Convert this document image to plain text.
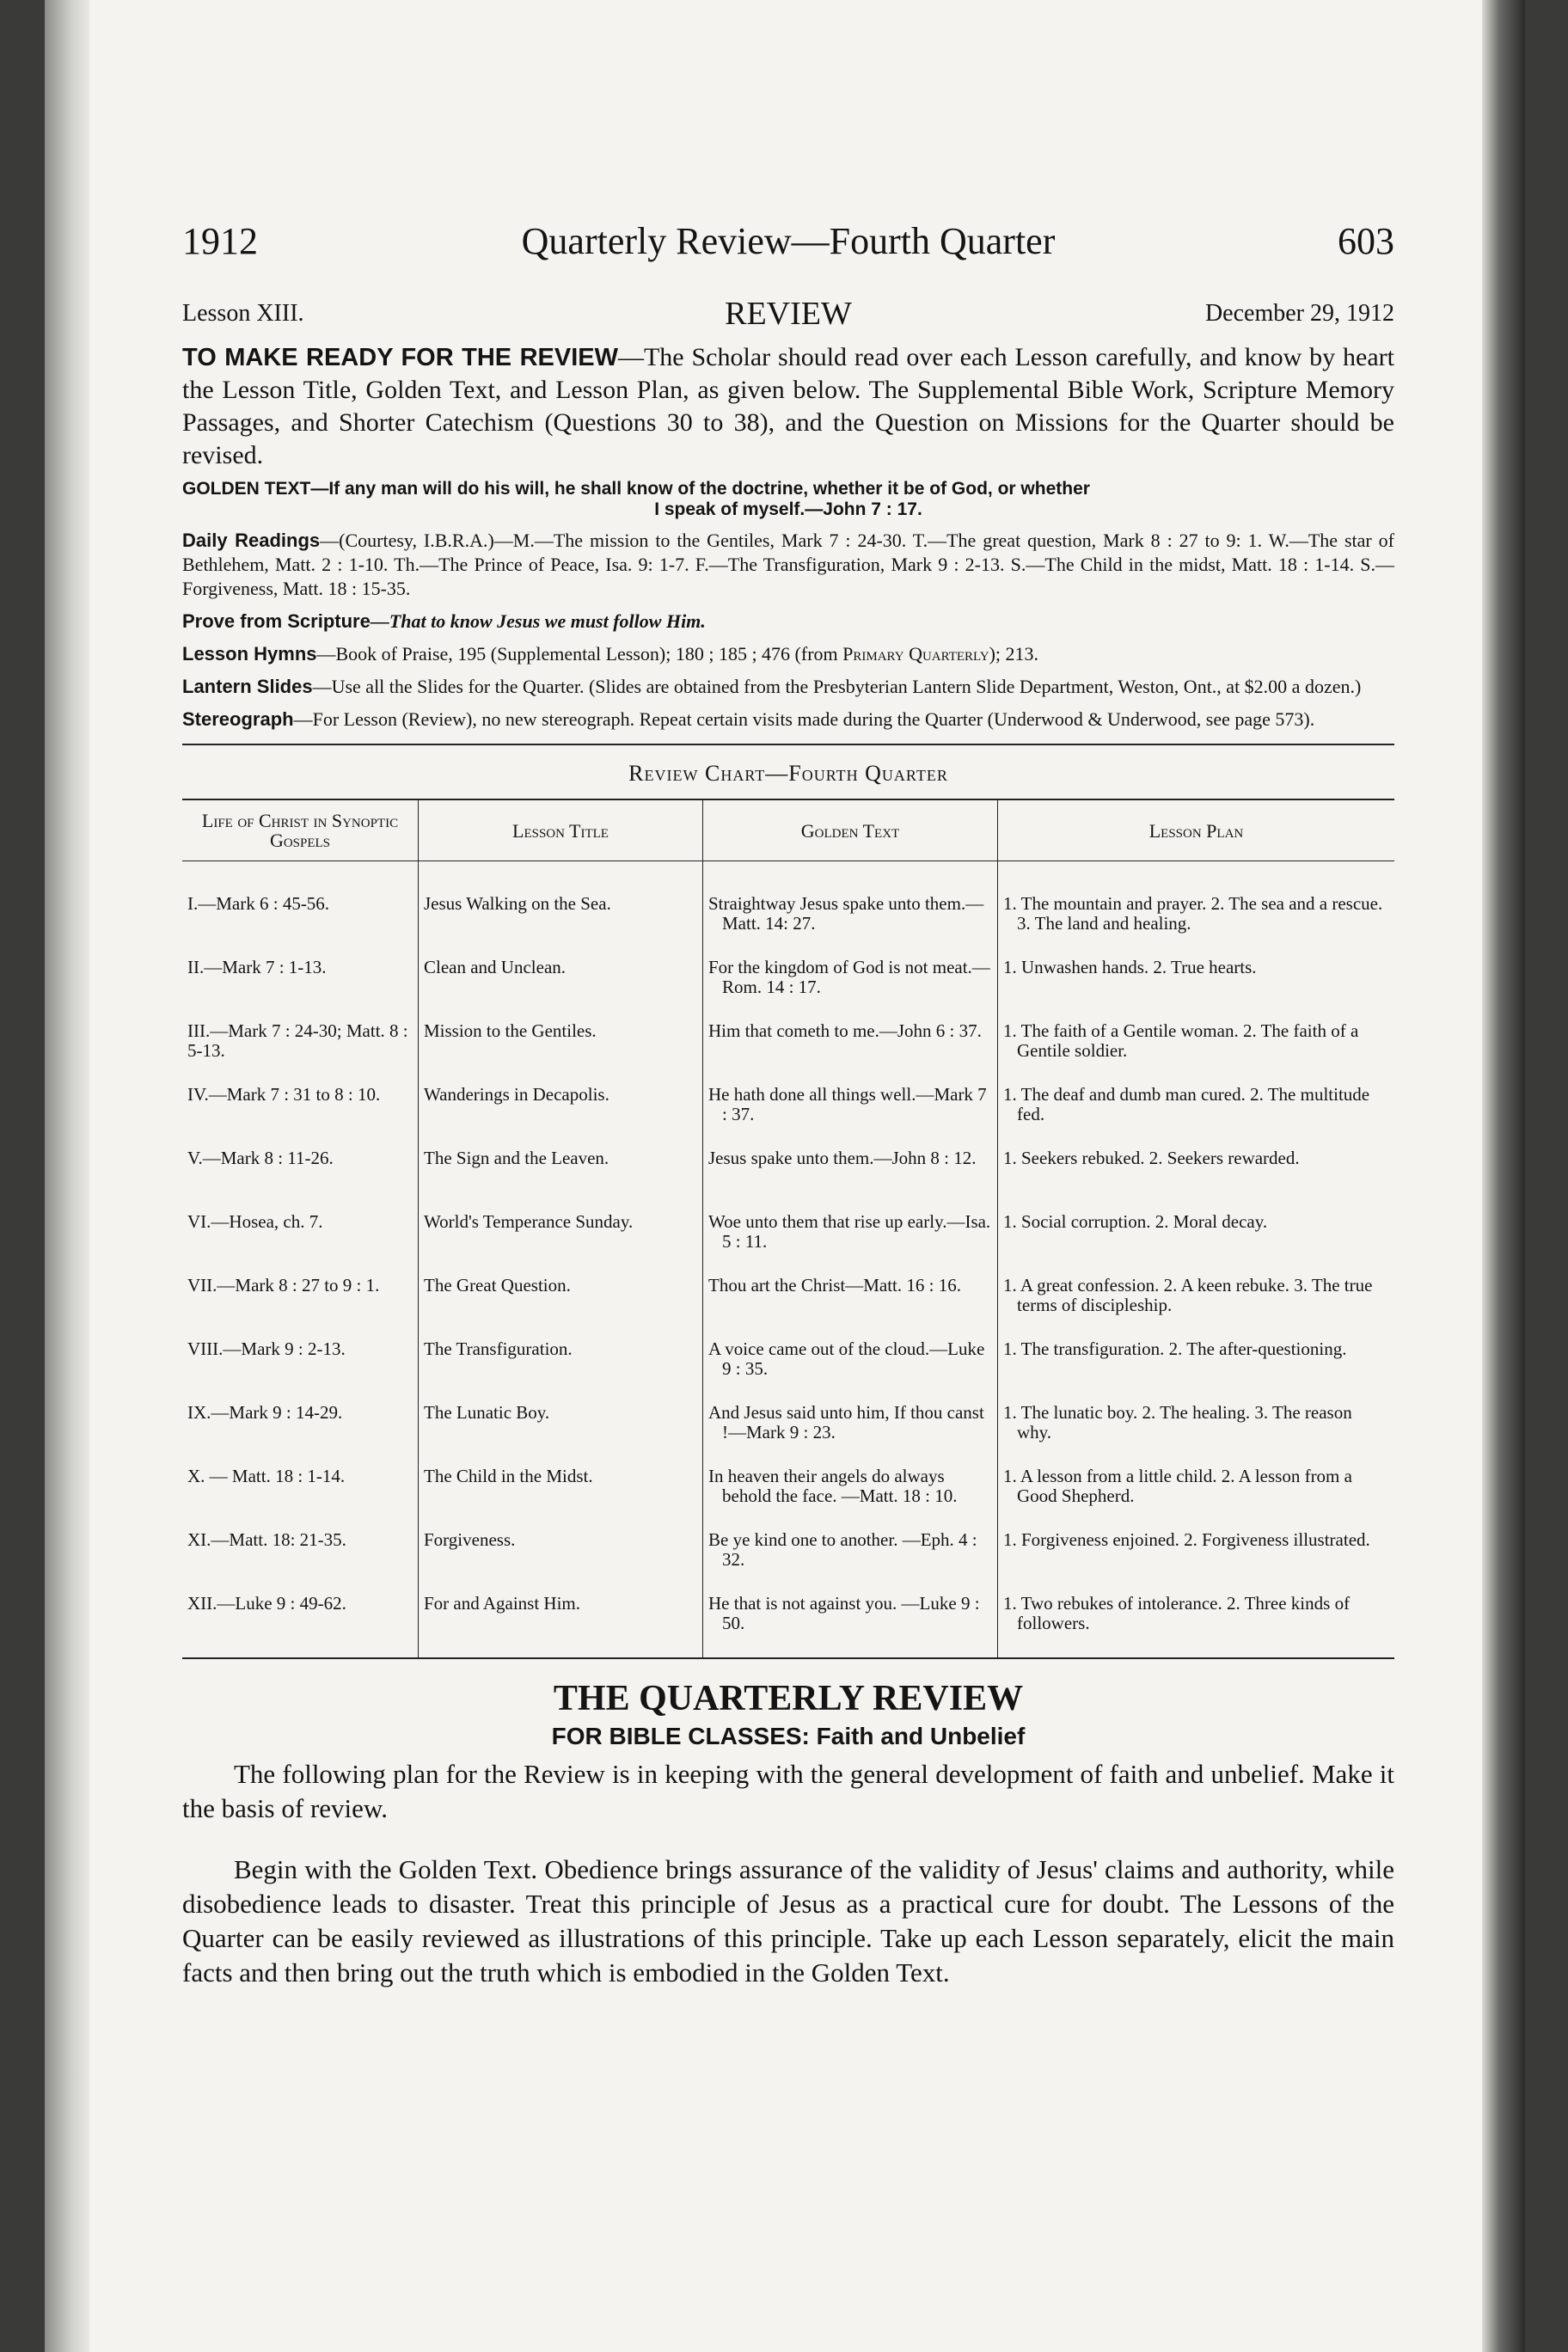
1912	Quarterly Review—Fourth Quarter	603
Lesson XIII.	REVIEW	December 29, 1912
TO MAKE READY FOR THE REVIEW—The Scholar should read over each Lesson carefully, and know by heart the Lesson Title, Golden Text, and Lesson Plan, as given below. The Supplemental Bible Work, Scripture Memory Passages, and Shorter Catechism (Questions 30 to 38), and the Question on Missions for the Quarter should be revised.
GOLDEN TEXT—If any man will do his will, he shall know of the doctrine, whether it be of God, or whether
I speak of myself.—John 7 : 17.
Daily Readings—(Courtesy, I.B.R.A.)—M.—The mission to the Gentiles, Mark 7 : 24-30. T.—The great question, Mark 8 : 27 to 9: 1. W.—The star of Bethlehem, Matt. 2 : 1-10. Th.—The Prince of Peace, Isa. 9: 1-7. F.—The Transfiguration, Mark 9 : 2-13. S.—The Child in the midst, Matt. 18 : 1-14. S.—Forgiveness, Matt. 18 : 15-35.
Prove from Scripture—That to know Jesus we must follow Him.
Lesson Hymns—Book of Praise, 195 (Supplemental Lesson); 180 ; 185 ; 476 (from Primary Quarterly); 213.
Lantern Slides—Use all the Slides for the Quarter. (Slides are obtained from the Presbyterian Lantern Slide Department, Weston, Ont., at $2.00 a dozen.)
Stereograph—For Lesson (Review), no new stereograph. Repeat certain visits made during the Quarter (Underwood & Underwood, see page 573).
Review Chart—Fourth Quarter
Life of Christ in Synoptic Gospels	Lesson Title	Golden Text	Lesson Plan
I.—Mark 6 : 45-56.	Jesus Walking on the Sea.	Straightway Jesus spake unto them.—Matt. 14: 27.	1. The mountain and prayer. 2. The sea and a rescue. 3. The land and healing.
II.—Mark 7 : 1-13.	Clean and Unclean.	For the kingdom of God is not meat.—Rom. 14 : 17.	1. Unwashen hands. 2. True hearts.
III.—Mark 7 : 24-30; Matt. 8 : 5-13.	Mission to the Gentiles.	Him that cometh to me.—John 6 : 37.	1. The faith of a Gentile woman. 2. The faith of a Gentile soldier.
IV.—Mark 7 : 31 to 8 : 10.	Wanderings in Decapolis.	He hath done all things well.—Mark 7 : 37.	1. The deaf and dumb man cured. 2. The multitude fed.
V.—Mark 8 : 11-26.	The Sign and the Leaven.	Jesus spake unto them.—John 8 : 12.	1. Seekers rebuked. 2. Seekers rewarded.
VI.—Hosea, ch. 7.	World's Temperance Sunday.	Woe unto them that rise up early.—Isa. 5 : 11.	1. Social corruption. 2. Moral decay.
VII.—Mark 8 : 27 to 9 : 1.	The Great Question.	Thou art the Christ—Matt. 16 : 16.	1. A great confession. 2. A keen rebuke. 3. The true terms of discipleship.
VIII.—Mark 9 : 2-13.	The Transfiguration.	A voice came out of the cloud.—Luke 9 : 35.	1. The transfiguration. 2. The after-questioning.
IX.—Mark 9 : 14-29.	The Lunatic Boy.	And Jesus said unto him, If thou canst !—Mark 9 : 23.	1. The lunatic boy. 2. The healing. 3. The reason why.
X. — Matt. 18 : 1-14.	The Child in the Midst.	In heaven their angels do always behold the face. —Matt. 18 : 10.	1. A lesson from a little child. 2. A lesson from a Good Shepherd.
XI.—Matt. 18: 21-35.	Forgiveness.	Be ye kind one to another. —Eph. 4 : 32.	1. Forgiveness enjoined. 2. Forgiveness illustrated.
XII.—Luke 9 : 49-62.	For and Against Him.	He that is not against you. —Luke 9 : 50.	1. Two rebukes of intolerance. 2. Three kinds of followers.
THE QUARTERLY REVIEW
FOR BIBLE CLASSES: Faith and Unbelief

The following plan for the Review is in keeping with the general development of faith and unbelief. Make it the basis of review.

Begin with the Golden Text. Obedience brings assurance of the validity of Jesus' claims and authority, while disobedience leads to disaster. Treat this principle of Jesus as a practical cure for doubt. The Lessons of the Quarter can be easily reviewed as illustrations of this principle. Take up each Lesson separately, elicit the main facts and then bring out the truth which is embodied in the Golden Text.
